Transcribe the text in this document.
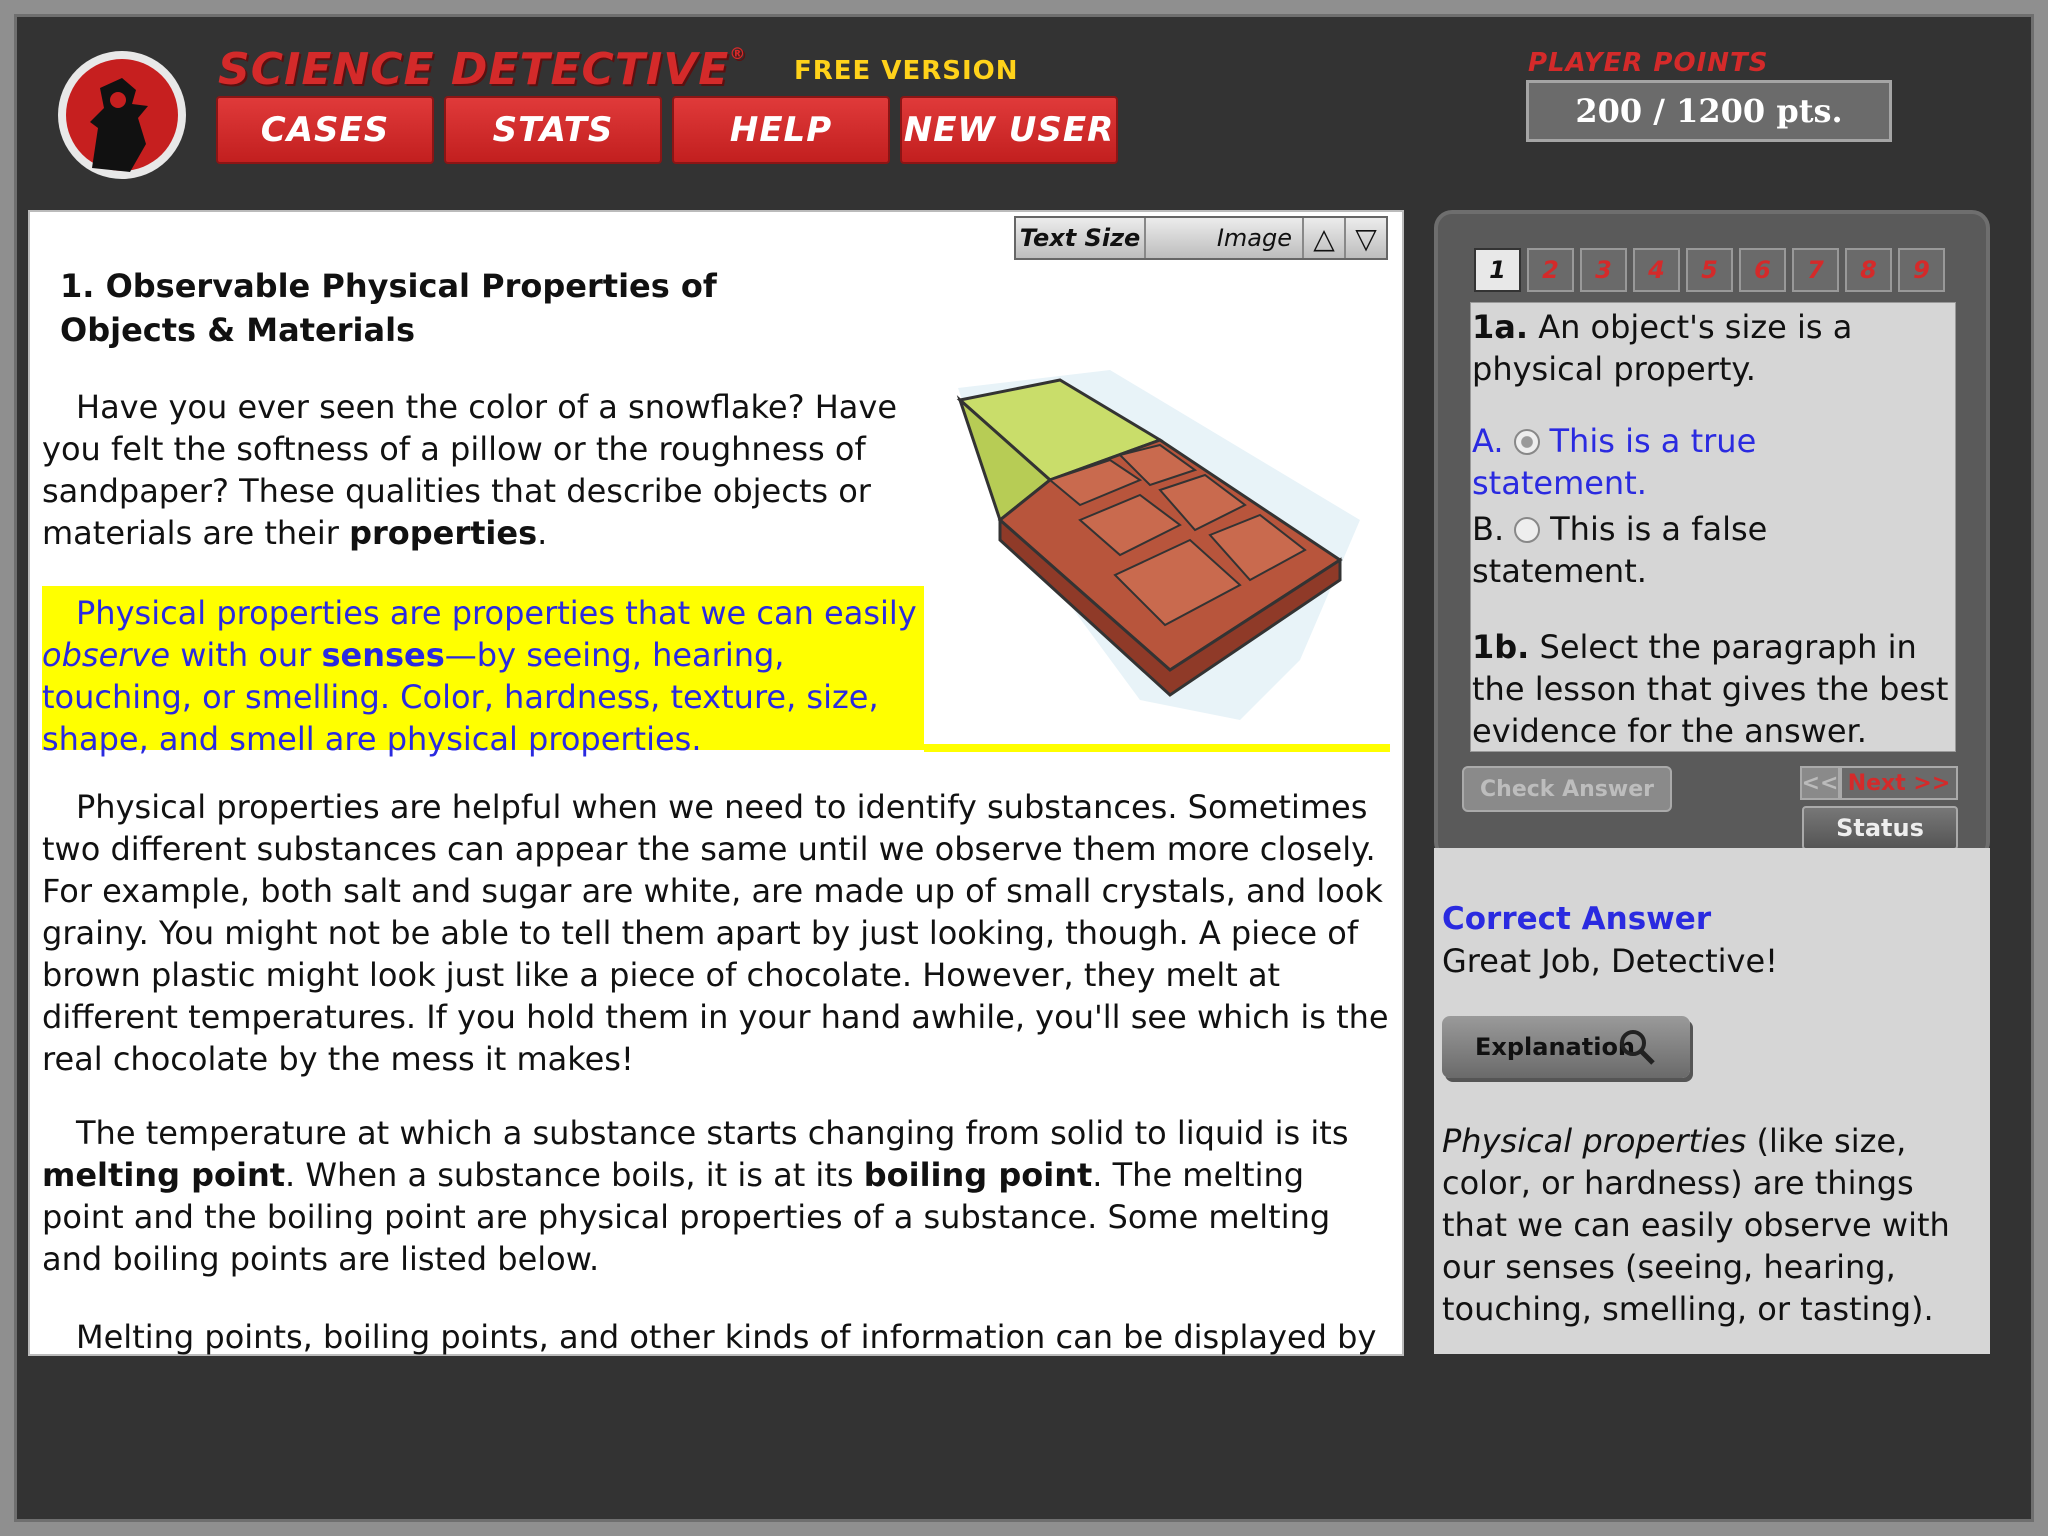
SCIENCE DETECTIVE®
FREE VERSION
CASES	STATS	HELP	NEW USER
PLAYER POINTS
200 / 1200 pts.
Text Size	Image △ ▽
1. Observable Physical Properties of
Objects & Materials

Have you ever seen the color of a snowflake? Have you felt the softness of a pillow or the roughness of sandpaper? These qualities that describe objects or materials are their properties.

Physical properties are properties that we can easily observe with our senses—by seeing, hearing, touching, or smelling. Color, hardness, texture, size, shape, and smell are physical properties.

Physical properties are helpful when we need to identify substances. Sometimes two different substances can appear the same until we observe them more closely. For example, both salt and sugar are white, are made up of small crystals, and look grainy. You might not be able to tell them apart by just looking, though. A piece of brown plastic might look just like a piece of chocolate. However, they melt at different temperatures. If you hold them in your hand awhile, you'll see which is the real chocolate by the mess it makes!

The temperature at which a substance starts changing from solid to liquid is its melting point. When a substance boils, it is at its boiling point. The melting point and the boiling point are physical properties of a substance. Some melting and boiling points are listed below.

Melting points, boiling points, and other kinds of information can be displayed by

1	2	3	4	5	6	7	8	9

1a. An object's size is a physical property.

A. This is a true statement.

B. This is a false statement.

1b. Select the paragraph in the lesson that gives the best evidence for the answer.

Check Answer	<< Next >>
Status

Correct Answer

Great Job, Detective!

Explanation

Physical properties (like size, color, or hardness) are things that we can easily observe with our senses (seeing, hearing, touching, smelling, or tasting).
